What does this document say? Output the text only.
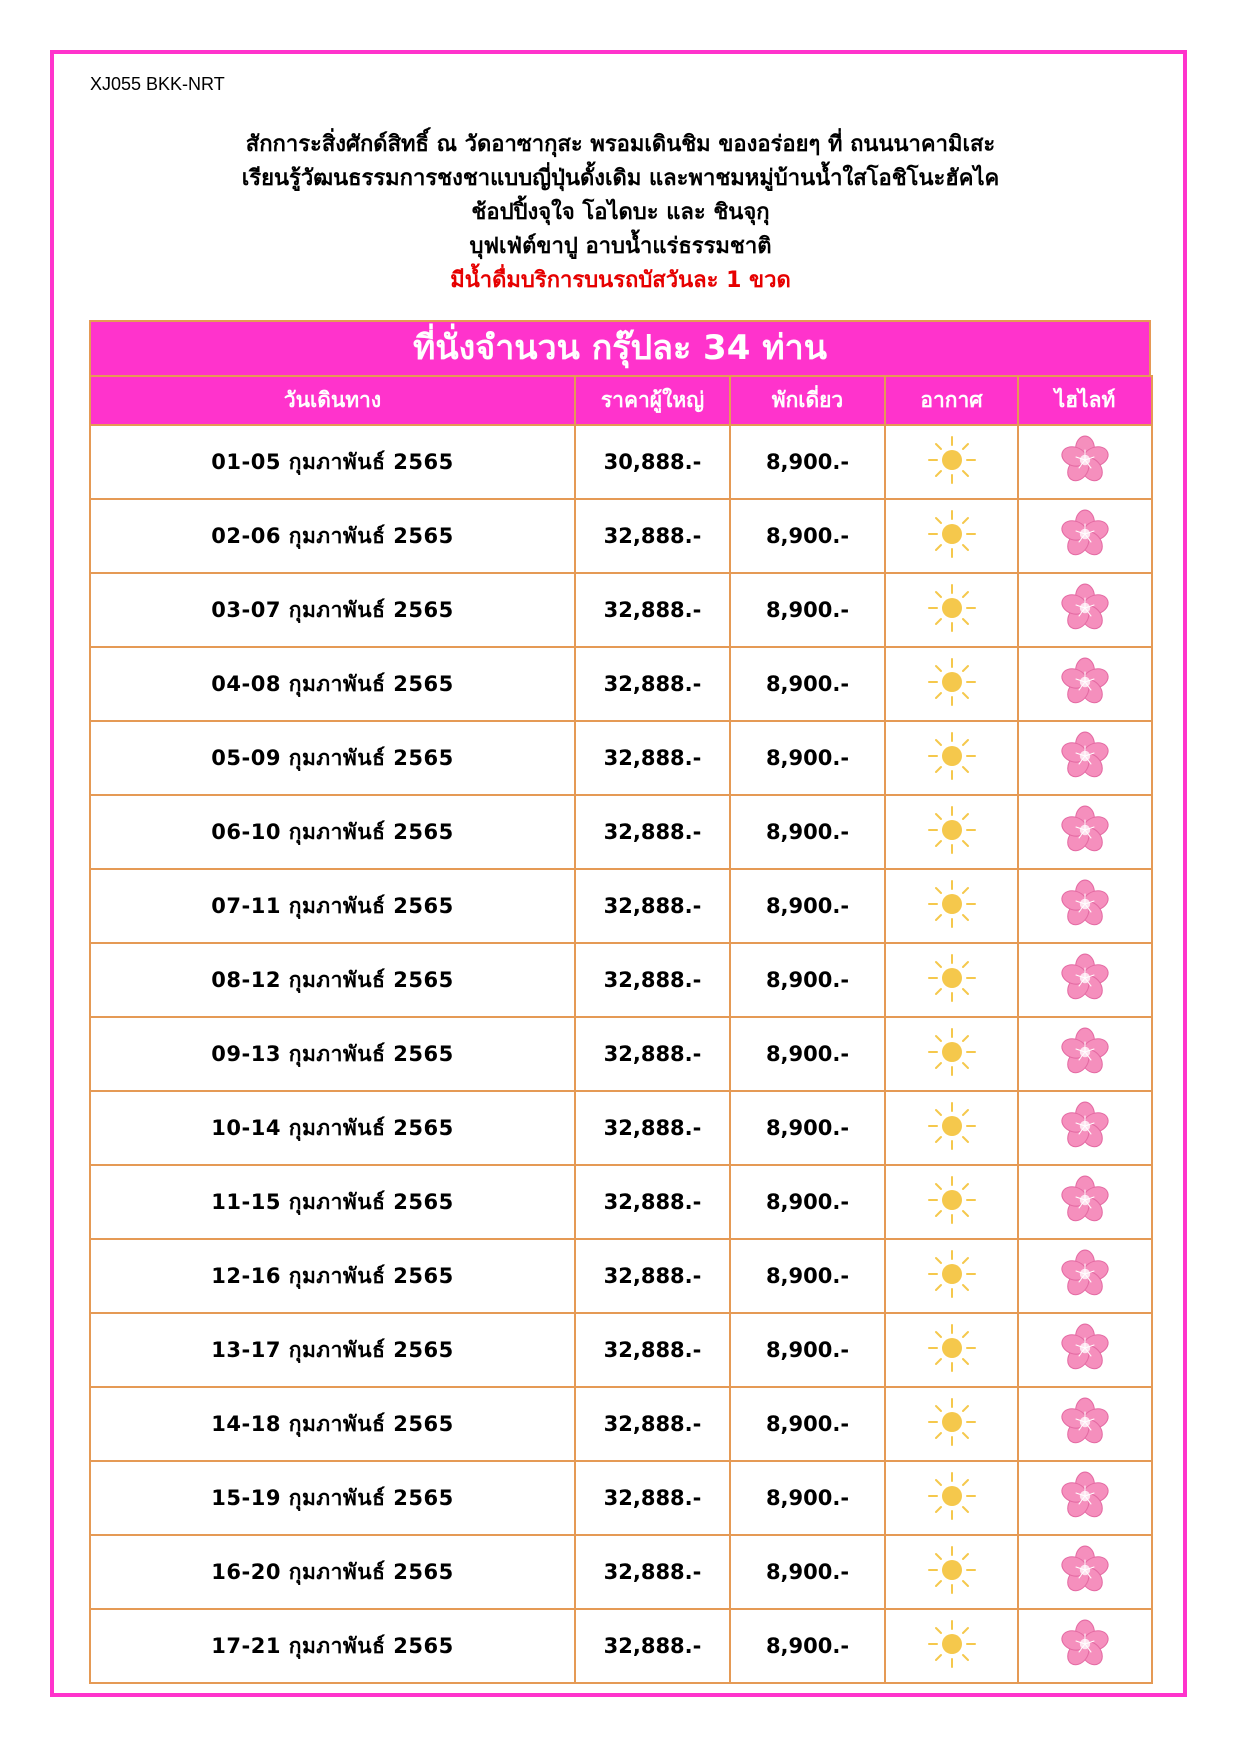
XJ055 BKK-NRT
สักการะสิ่งศักด์สิทธิ์ ณ วัดอาซากุสะ พรอมเดินชิม ของอร่อยๆ ที่ ถนนนาคามิเสะ
เรียนรู้วัฒนธรรมการชงชาแบบญี่ปุ่นดั้งเดิม และพาชมหมู่บ้านน้ำใสโอชิโนะฮัคไค
ช้อปปิ้งจุใจ โอไดบะ และ ชินจุกุ
บุฟเฟ่ต์ขาปู อาบน้ำแร่ธรรมชาติ
มีน้ำดื่มบริการบนรถบัสวันละ 1 ขวด
ที่นั่งจำนวน กรุ๊ปละ 34 ท่าน
วันเดินทาง	ราคาผู้ใหญ่	พักเดี่ยว	อากาศ	ไฮไลท์
01-05 กุมภาพันธ์ 2565	30,888.-	8,900.-		
02-06 กุมภาพันธ์ 2565	32,888.-	8,900.-		
03-07 กุมภาพันธ์ 2565	32,888.-	8,900.-		
04-08 กุมภาพันธ์ 2565	32,888.-	8,900.-		
05-09 กุมภาพันธ์ 2565	32,888.-	8,900.-		
06-10 กุมภาพันธ์ 2565	32,888.-	8,900.-		
07-11 กุมภาพันธ์ 2565	32,888.-	8,900.-		
08-12 กุมภาพันธ์ 2565	32,888.-	8,900.-		
09-13 กุมภาพันธ์ 2565	32,888.-	8,900.-		
10-14 กุมภาพันธ์ 2565	32,888.-	8,900.-		
11-15 กุมภาพันธ์ 2565	32,888.-	8,900.-		
12-16 กุมภาพันธ์ 2565	32,888.-	8,900.-		
13-17 กุมภาพันธ์ 2565	32,888.-	8,900.-		
14-18 กุมภาพันธ์ 2565	32,888.-	8,900.-		
15-19 กุมภาพันธ์ 2565	32,888.-	8,900.-		
16-20 กุมภาพันธ์ 2565	32,888.-	8,900.-		
17-21 กุมภาพันธ์ 2565	32,888.-	8,900.-		
